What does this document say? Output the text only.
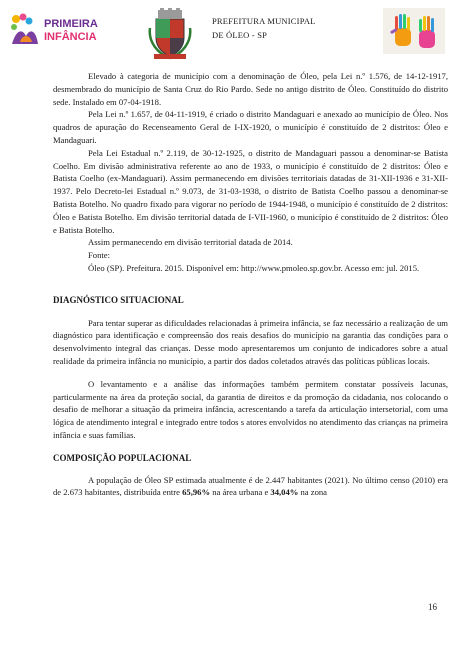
PRIMEIRA
INFÂNCIA
PREFEITURA MUNICIPAL
DE ÓLEO - SP

Elevado à categoria de município com a denominação de Óleo, pela Lei n.º 1.576, de 14-12-1917, desmembrado do município de Santa Cruz do Rio Pardo. Sede no antigo distrito de Óleo. Constituído do distrito sede. Instalado em 07-04-1918.

Pela Lei n.º 1.657, de 04-11-1919, é criado o distrito Mandaguari e anexado ao município de Óleo. Nos quadros de apuração do Recenseamento Geral de I-IX-1920, o município é constituído de 2 distritos: Óleo e Mandaguari.

Pela Lei Estadual n.º 2.119, de 30-12-1925, o distrito de Mandaguari passou a denominar-se Batista Coelho. Em divisão administrativa referente ao ano de 1933, o município é constituído de 2 distritos: Óleo e Batista Coelho (ex-Mandaguari). Assim permanecendo em divisões territoriais datadas de 31-XII-1936 e 31-XII-1937. Pelo Decreto-lei Estadual n.º 9.073, de 31-03-1938, o distrito de Batista Coelho passou a denominar-se Batista Botelho. No quadro fixado para vigorar no período de 1944-1948, o município é constituído de 2 distritos: Óleo e Batista Botelho. Em divisão territorial datada de I-VII-1960, o município é constituído de 2 distritos: Óleo e Batista Botelho.

Assim permanecendo em divisão territorial datada de 2014.

Fonte:

Óleo (SP). Prefeitura. 2015. Disponível em: http://www.pmoleo.sp.gov.br. Acesso em: jul. 2015.

DIAGNÓSTICO SITUACIONAL

Para tentar superar as dificuldades relacionadas à primeira infância, se faz necessário a realização de um diagnóstico para identificação e compreensão dos reais desafios do município na garantia das condições para o desenvolvimento integral das crianças. Desse modo apresentaremos um conjunto de indicadores sobre a atual realidade da primeira infância no município, a partir dos dados coletados através das políticas públicas locais.

O levantamento e a análise das informações também permitem constatar possíveis lacunas, particularmente na área da proteção social, da garantia de direitos e da promoção da cidadania, nos colocando o desafio de melhorar a situação da primeira infância, acrescentando a tarefa da articulação intersetorial, com uma lógica de atendimento integral e integrado entre todos s atores envolvidos no atendimento das crianças na primeira infância e suas famílias.

COMPOSIÇÃO POPULACIONAL

A população de Óleo SP estimada atualmente é de 2.447 habitantes (2021). No último censo (2010) era de 2.673 habitantes, distribuída entre 65,96% na área urbana e 34,04% na zona

16
